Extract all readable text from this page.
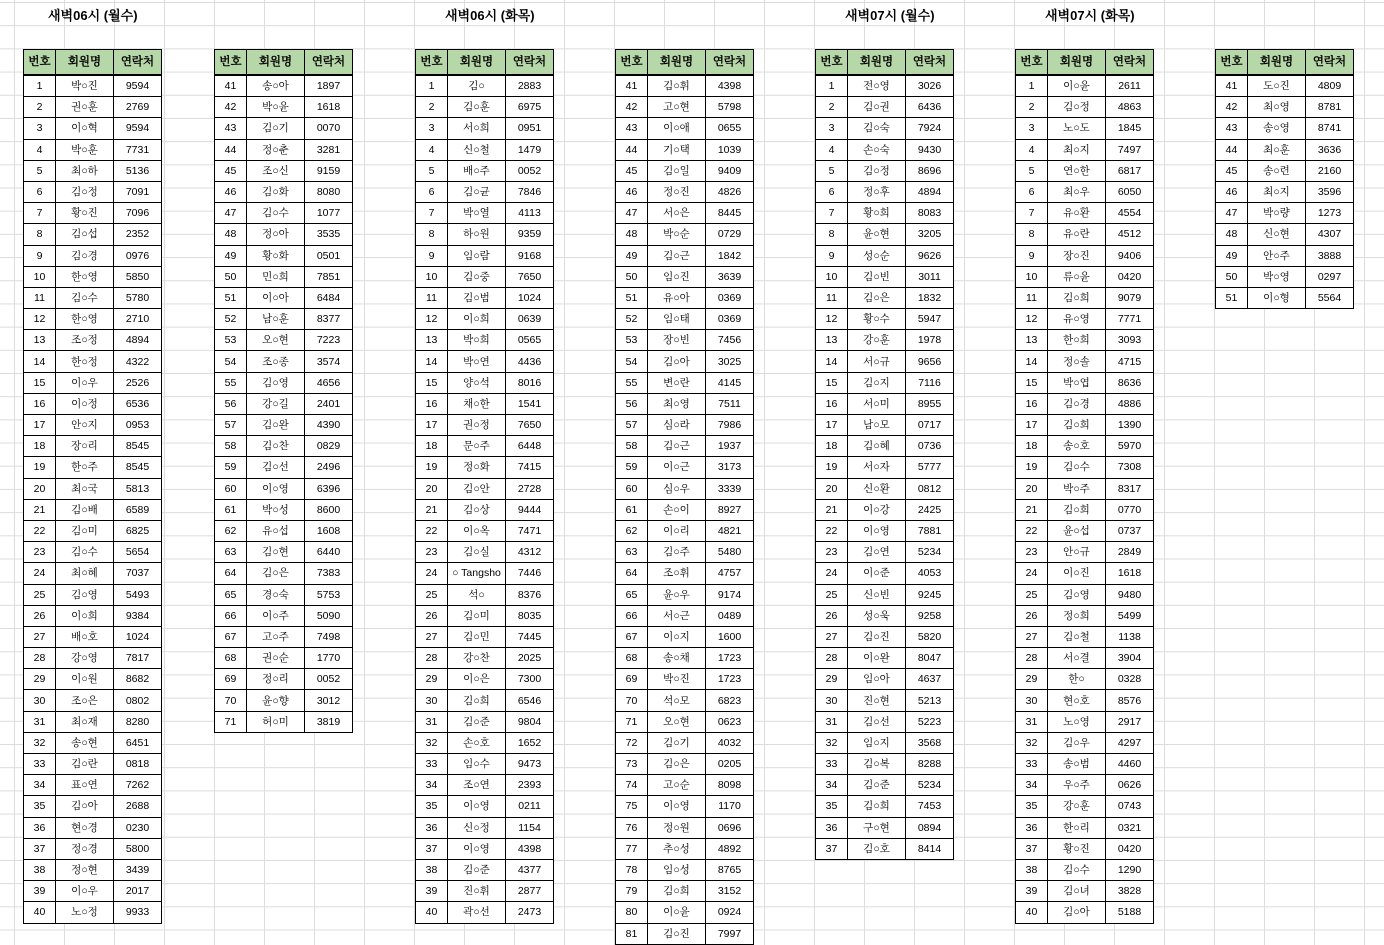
새벽06시 (월수)	새벽06시 (화목)	새벽07시 (월수)	새벽07시 (화목)
번호	회원명	연락처
1	박○진	9594
2	권○훈	2769
3	이○혁	9594
4	박○훈	7731
5	최○하	5136
6	김○정	7091
7	황○진	7096
8	김○섭	2352
9	김○경	0976
10	한○영	5850
11	김○수	5780
12	한○영	2710
13	조○정	4894
14	한○정	4322
15	이○우	2526
16	이○정	6536
17	안○지	0953
18	장○리	8545
19	한○주	8545
20	최○국	5813
21	김○배	6589
22	김○미	6825
23	김○수	5654
24	최○혜	7037
25	김○영	5493
26	이○희	9384
27	배○호	1024
28	강○영	7817
29	이○원	8682
30	조○은	0802
31	최○재	8280
32	송○현	6451
33	김○란	0818
34	표○연	7262
35	김○아	2688
36	현○경	0230
37	정○경	5800
38	정○현	3439
39	이○우	2017
40	노○정	9933
번호	회원명	연락처
41	송○아	1897
42	박○윤	1618
43	김○기	0070
44	정○춘	3281
45	조○신	9159
46	김○화	8080
47	김○수	1077
48	정○아	3535
49	황○화	0501
50	민○희	7851
51	이○아	6484
52	남○훈	8377
53	오○현	7223
54	조○종	3574
55	김○영	4656
56	강○길	2401
57	김○완	4390
58	김○찬	0829
59	김○선	2496
60	이○영	6396
61	박○성	8600
62	유○섭	1608
63	김○현	6440
64	김○은	7383
65	경○숙	5753
66	이○주	5090
67	고○주	7498
68	권○순	1770
69	정○리	0052
70	윤○향	3012
71	허○미	3819
번호	회원명	연락처
1	김○	2883
2	김○훈	6975
3	서○희	0951
4	신○철	1479
5	배○주	0052
6	김○균	7846
7	박○열	4113
8	하○원	9359
9	임○람	9168
10	김○중	7650
11	김○범	1024
12	이○희	0639
13	박○희	0565
14	박○연	4436
15	양○석	8016
16	채○한	1541
17	권○정	7650
18	문○주	6448
19	정○화	7415
20	김○안	2728
21	김○상	9444
22	이○옥	7471
23	김○실	4312
24	○ Tangsho	7446
25	석○	8376
26	김○미	8035
27	김○민	7445
28	강○찬	2025
29	이○은	7300
30	김○희	6546
31	김○준	9804
32	손○호	1652
33	임○수	9473
34	조○연	2393
35	이○영	0211
36	신○정	1154
37	이○영	4398
38	김○준	4377
39	진○휘	2877
40	곽○선	2473
번호	회원명	연락처
41	김○휘	4398
42	고○현	5798
43	이○애	0655
44	기○택	1039
45	김○일	9409
46	정○진	4826
47	서○은	8445
48	박○순	0729
49	김○근	1842
50	임○진	3639
51	유○아	0369
52	임○태	0369
53	장○빈	7456
54	김○아	3025
55	변○란	4145
56	최○영	7511
57	심○라	7986
58	김○근	1937
59	이○근	3173
60	심○우	3339
61	손○이	8927
62	이○리	4821
63	김○주	5480
64	조○휘	4757
65	윤○우	9174
66	서○근	0489
67	이○지	1600
68	송○채	1723
69	박○진	1723
70	석○모	6823
71	오○현	0623
72	김○기	4032
73	김○은	0205
74	고○순	8098
75	이○영	1170
76	정○원	0696
77	추○성	4892
78	임○성	8765
79	김○희	3152
80	이○윤	0924
81	김○진	7997
번호	회원명	연락처
1	전○영	3026
2	김○권	6436
3	김○숙	7924
4	손○숙	9430
5	김○정	8696
6	정○후	4894
7	황○희	8083
8	윤○현	3205
9	성○순	9626
10	김○빈	3011
11	김○은	1832
12	황○수	5947
13	강○훈	1978
14	서○규	9656
15	김○지	7116
16	서○미	8955
17	남○모	0717
18	김○혜	0736
19	서○자	5777
20	신○환	0812
21	이○강	2425
22	이○영	7881
23	김○연	5234
24	이○준	4053
25	신○빈	9245
26	성○욱	9258
27	김○진	5820
28	이○완	8047
29	임○아	4637
30	진○현	5213
31	김○선	5223
32	임○지	3568
33	김○복	8288
34	김○준	5234
35	김○희	7453
36	구○현	0894
37	김○호	8414
번호	회원명	연락처
1	이○윤	2611
2	김○정	4863
3	노○도	1845
4	최○지	7497
5	연○한	6817
6	최○우	6050
7	유○환	4554
8	유○란	4512
9	장○진	9406
10	류○윤	0420
11	김○희	9079
12	유○영	7771
13	한○희	3093
14	정○솔	4715
15	박○엽	8636
16	김○경	4886
17	김○희	1390
18	송○호	5970
19	김○수	7308
20	박○주	8317
21	김○희	0770
22	윤○섭	0737
23	안○규	2849
24	이○진	1618
25	김○영	9480
26	정○희	5499
27	김○철	1138
28	서○결	3904
29	한○	0328
30	현○호	8576
31	노○영	2917
32	김○우	4297
33	송○범	4460
34	우○주	0626
35	강○훈	0743
36	한○리	0321
37	황○진	0420
38	김○수	1290
39	김○녀	3828
40	김○아	5188
번호	회원명	연락처
41	도○진	4809
42	최○영	8781
43	송○영	8741
44	최○훈	3636
45	송○련	2160
46	최○지	3596
47	박○량	1273
48	신○현	4307
49	안○주	3888
50	박○영	0297
51	이○형	5564
